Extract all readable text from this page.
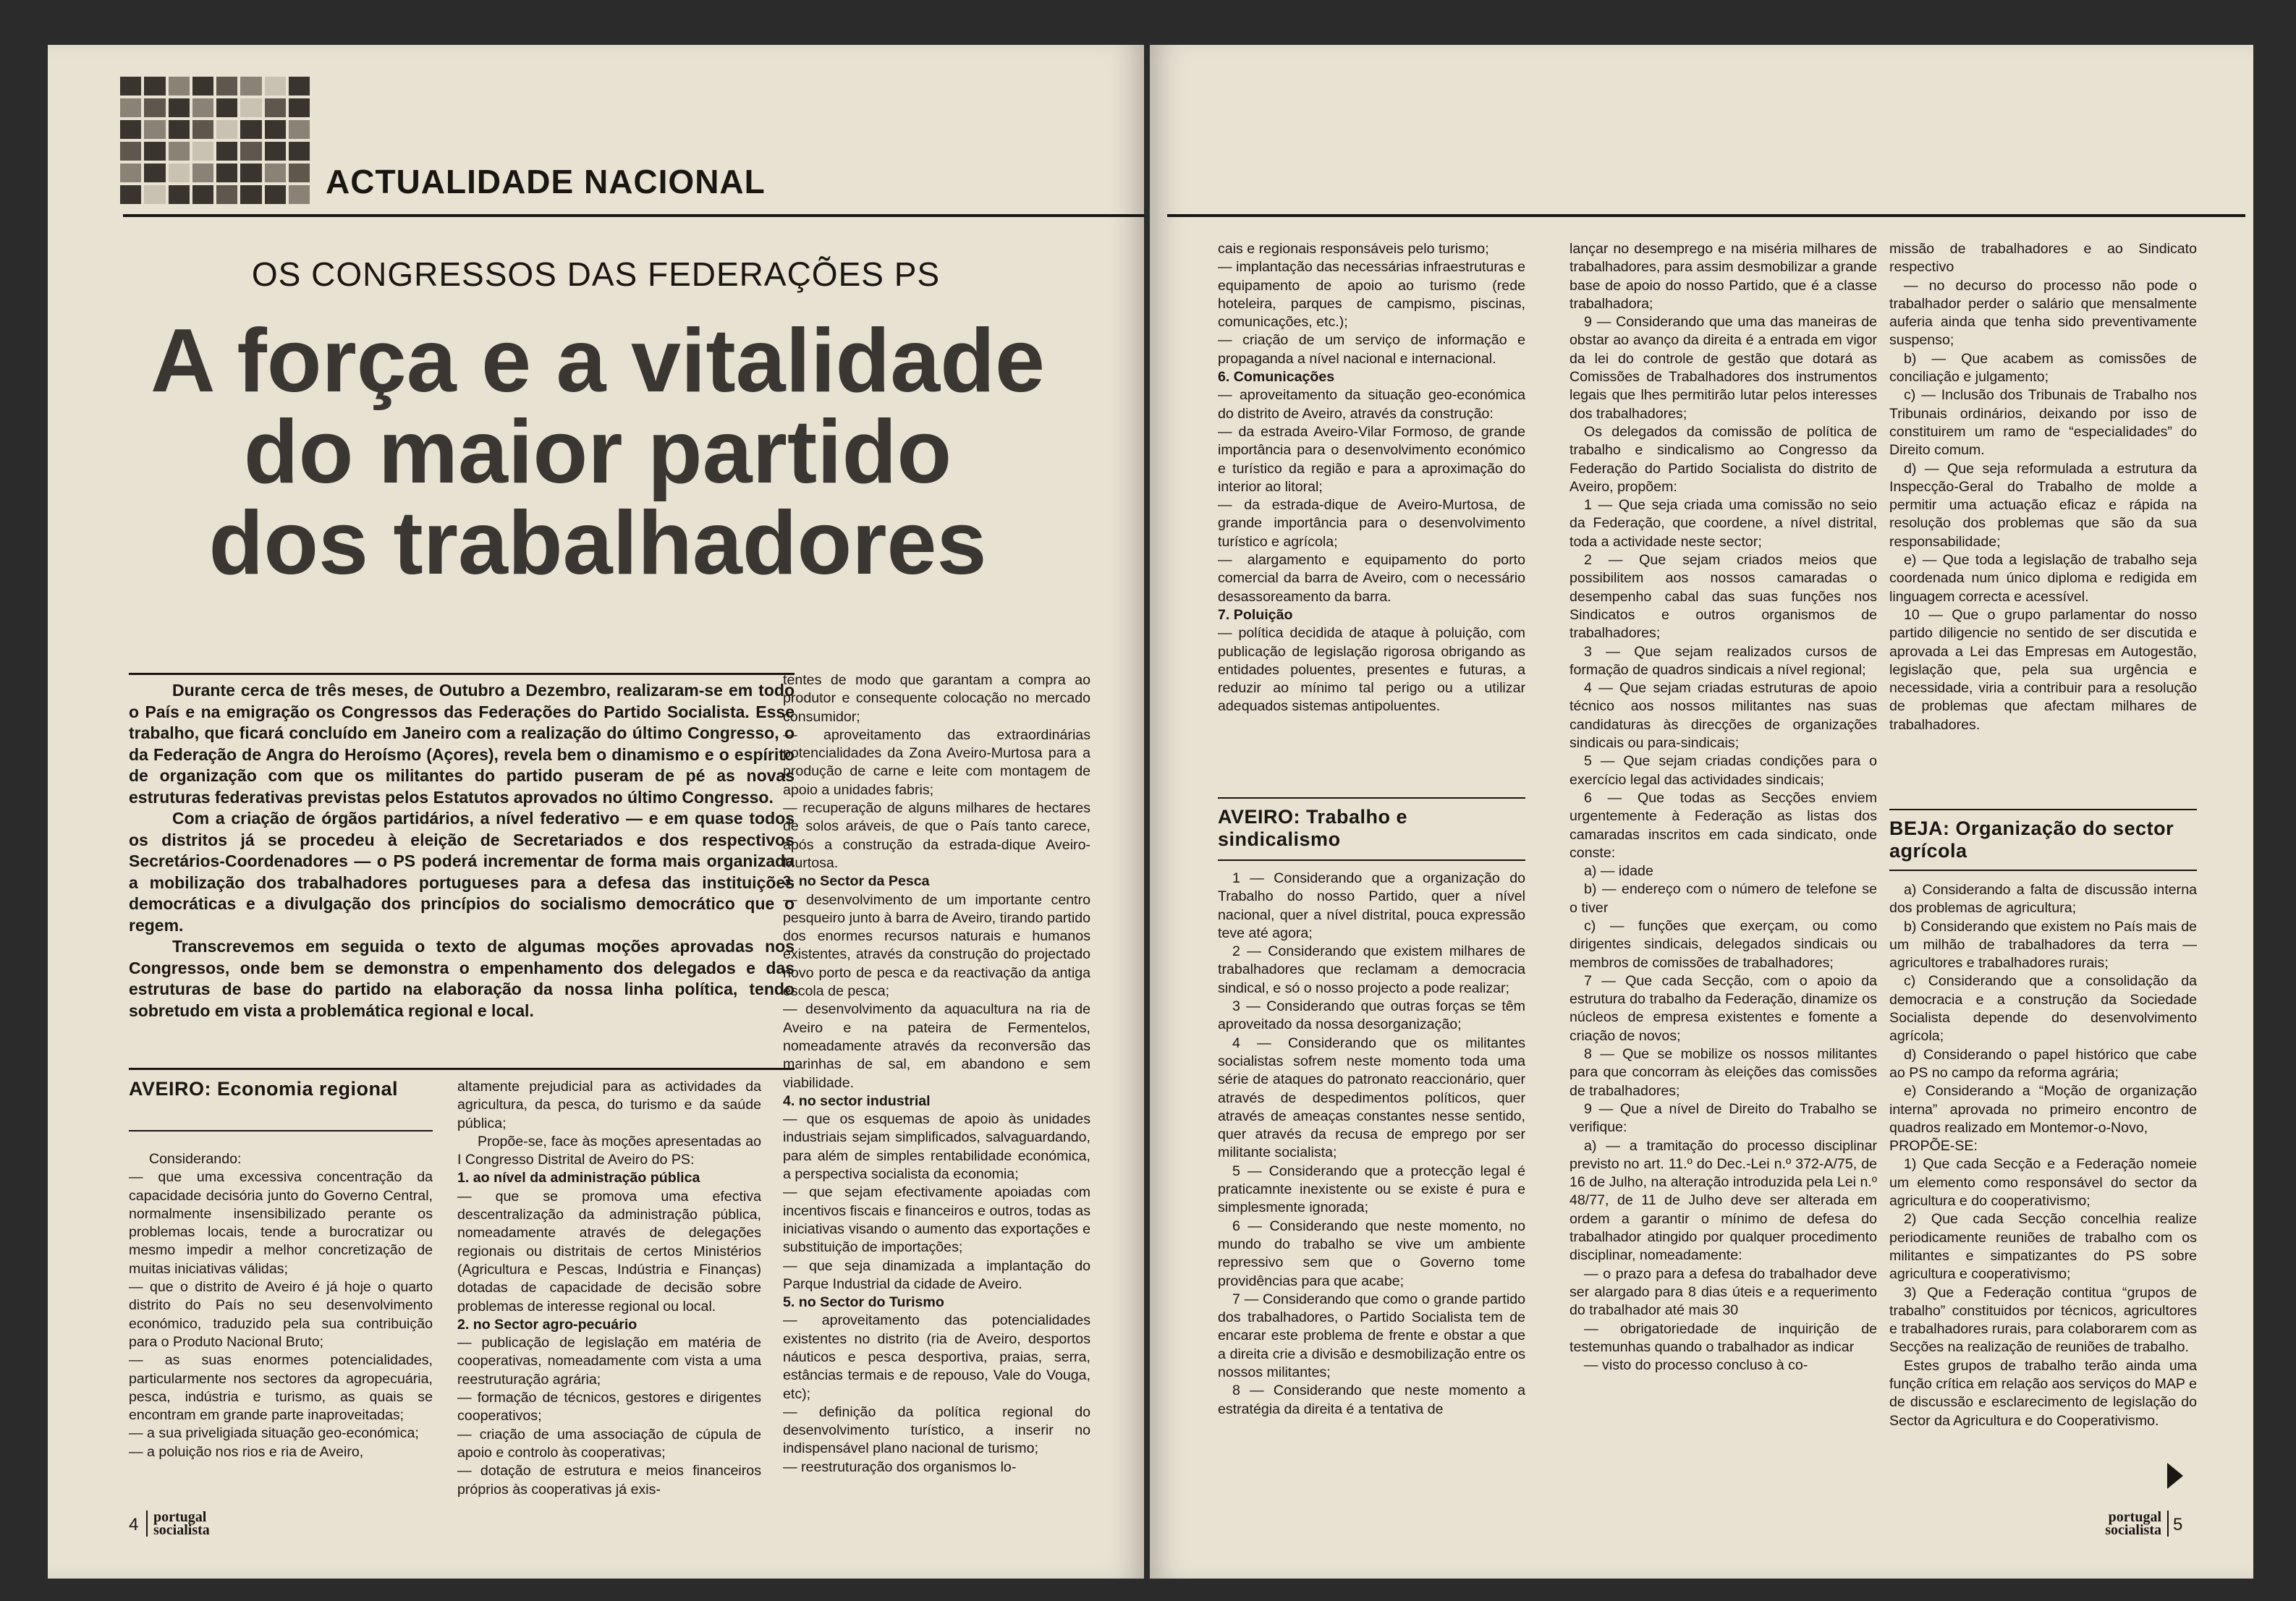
ACTUALIDADE NACIONAL
OS CONGRESSOS DAS FEDERAÇÕES PS
A força e a vitalidade
do maior partido
dos trabalhadores

Durante cerca de três meses, de Outubro a Dezembro, realizaram-se em todo o País e na emigração os Congressos das Federações do Partido Socialista. Esse trabalho, que ficará concluído em Janeiro com a realização do último Congresso, o da Federação de Angra do Heroísmo (Açores), revela bem o dinamismo e o espírito de organização com que os militantes do partido puseram de pé as novas estruturas federativas previstas pelos Estatutos aprovados no último Congresso.

Com a criação de órgãos partidários, a nível federativo — e em quase todos os distritos já se procedeu à eleição de Secretariados e dos respectivos Secretários-Coordenadores — o PS poderá incrementar de forma mais organizada a mobilização dos trabalhadores portugueses para a defesa das instituições democráticas e a divulgação dos princípios do socialismo democrático que o regem.

Transcrevemos em seguida o texto de algumas moções aprovadas nos Congressos, onde bem se demonstra o empenhamento dos delegados e das estruturas de base do partido na elaboração da nossa linha política, tendo sobretudo em vista a problemática regional e local.

AVEIRO: Economia regional

Considerando:

— que uma excessiva concentração da capacidade decisória junto do Governo Central, normalmente insensibilizado perante os problemas locais, tende a burocratizar ou mesmo impedir a melhor concretização de muitas iniciativas válidas;

— que o distrito de Aveiro é já hoje o quarto distrito do País no seu desenvolvimento económico, traduzido pela sua contribuição para o Produto Nacional Bruto;

— as suas enormes potencialidades, particularmente nos sectores da agropecuária, pesca, indústria e turismo, as quais se encontram em grande parte inaproveitadas;

— a sua priveligiada situação geo-económica;

— a poluição nos rios e ria de Aveiro,

altamente prejudicial para as actividades da agricultura, da pesca, do turismo e da saúde pública;

Propõe-se, face às moções apresentadas ao I Congresso Distrital de Aveiro do PS:

1. ao nível da administração pública

— que se promova uma efectiva descentralização da administração pública, nomeadamente através de delegações regionais ou distritais de certos Ministérios (Agricultura e Pescas, Indústria e Finanças) dotadas de capacidade de decisão sobre problemas de interesse regional ou local.

2. no Sector agro-pecuário

— publicação de legislação em matéria de cooperativas, nomeadamente com vista a uma reestruturação agrária;

— formação de técnicos, gestores e dirigentes cooperativos;

— criação de uma associação de cúpula de apoio e controlo às cooperativas;

— dotação de estrutura e meios financeiros próprios às cooperativas já exis-

tentes de modo que garantam a compra ao produtor e consequente colocação no mercado consumidor;

— aproveitamento das extraordinárias potencialidades da Zona Aveiro-Murtosa para a produção de carne e leite com montagem de apoio a unidades fabris;

— recuperação de alguns milhares de hectares de solos aráveis, de que o País tanto carece, após a construção da estrada-dique Aveiro-Murtosa.

3. no Sector da Pesca

— desenvolvimento de um importante centro pesqueiro junto à barra de Aveiro, tirando partido dos enormes recursos naturais e humanos existentes, através da construção do projectado novo porto de pesca e da reactivação da antiga escola de pesca;

— desenvolvimento da aquacultura na ria de Aveiro e na pateira de Fermentelos, nomeadamente através da reconversão das marinhas de sal, em abandono e sem viabilidade.

4. no sector industrial

— que os esquemas de apoio às unidades industriais sejam simplificados, salvaguardando, para além de simples rentabilidade económica, a perspectiva socialista da economia;

— que sejam efectivamente apoiadas com incentivos fiscais e financeiros e outros, todas as iniciativas visando o aumento das exportações e substituição de importações;

— que seja dinamizada a implantação do Parque Industrial da cidade de Aveiro.

5. no Sector do Turismo

— aproveitamento das potencialidades existentes no distrito (ria de Aveiro, desportos náuticos e pesca desportiva, praias, serra, estâncias termais e de repouso, Vale do Vouga, etc);

— definição da política regional do desenvolvimento turístico, a inserir no indispensável plano nacional de turismo;

— reestruturação dos organismos lo-

4 portugal
socialista

cais e regionais responsáveis pelo turismo;

— implantação das necessárias infraestruturas e equipamento de apoio ao turismo (rede hoteleira, parques de campismo, piscinas, comunicações, etc.);

— criação de um serviço de informação e propaganda a nível nacional e internacional.

6. Comunicações

— aproveitamento da situação geo-económica do distrito de Aveiro, através da construção:

— da estrada Aveiro-Vilar Formoso, de grande importância para o desenvolvimento económico e turístico da região e para a aproximação do interior ao litoral;

— da estrada-dique de Aveiro-Murtosa, de grande importância para o desenvolvimento turístico e agrícola;

— alargamento e equipamento do porto comercial da barra de Aveiro, com o necessário desassoreamento da barra.

7. Poluição

— política decidida de ataque à poluição, com publicação de legislação rigorosa obrigando as entidades poluentes, presentes e futuras, a reduzir ao mínimo tal perigo ou a utilizar adequados sistemas antipoluentes.

AVEIRO: Trabalho e sindicalismo

1 — Considerando que a organização do Trabalho do nosso Partido, quer a nível nacional, quer a nível distrital, pouca expressão teve até agora;

2 — Considerando que existem milhares de trabalhadores que reclamam a democracia sindical, e só o nosso projecto a pode realizar;

3 — Considerando que outras forças se têm aproveitado da nossa desorganização;

4 — Considerando que os militantes socialistas sofrem neste momento toda uma série de ataques do patronato reaccionário, quer através de despedimentos políticos, quer através de ameaças constantes nesse sentido, quer através da recusa de emprego por ser militante socialista;

5 — Considerando que a protecção legal é praticamnte inexistente ou se existe é pura e simplesmente ignorada;

6 — Considerando que neste momento, no mundo do trabalho se vive um ambiente repressivo sem que o Governo tome providências para que acabe;

7 — Considerando que como o grande partido dos trabalhadores, o Partido Socialista tem de encarar este problema de frente e obstar a que a direita crie a divisão e desmobilização entre os nossos militantes;

8 — Considerando que neste momento a estratégia da direita é a tentativa de

lançar no desemprego e na miséria milhares de trabalhadores, para assim desmobilizar a grande base de apoio do nosso Partido, que é a classe trabalhadora;

9 — Considerando que uma das maneiras de obstar ao avanço da direita é a entrada em vigor da lei do controle de gestão que dotará as Comissões de Trabalhadores dos instrumentos legais que lhes permitirão lutar pelos interesses dos trabalhadores;

Os delegados da comissão de política de trabalho e sindicalismo ao Congresso da Federação do Partido Socialista do distrito de Aveiro, propõem:

1 — Que seja criada uma comissão no seio da Federação, que coordene, a nível distrital, toda a actividade neste sector;

2 — Que sejam criados meios que possibilitem aos nossos camaradas o desempenho cabal das suas funções nos Sindicatos e outros organismos de trabalhadores;

3 — Que sejam realizados cursos de formação de quadros sindicais a nível regional;

4 — Que sejam criadas estruturas de apoio técnico aos nossos militantes nas suas candidaturas às direcções de organizações sindicais ou para-sindicais;

5 — Que sejam criadas condições para o exercício legal das actividades sindicais;

6 — Que todas as Secções enviem urgentemente à Federação as listas dos camaradas inscritos em cada sindicato, onde conste:

a) — idade

b) — endereço com o número de telefone se o tiver

c) — funções que exerçam, ou como dirigentes sindicais, delegados sindicais ou membros de comissões de trabalhadores;

7 — Que cada Secção, com o apoio da estrutura do trabalho da Federação, dinamize os núcleos de empresa existentes e fomente a criação de novos;

8 — Que se mobilize os nossos militantes para que concorram às eleições das comissões de trabalhadores;

9 — Que a nível de Direito do Trabalho se verifique:

a) — a tramitação do processo disciplinar previsto no art. 11.º do Dec.-Lei n.º 372-A/75, de 16 de Julho, na alteração introduzida pela Lei n.º 48/77, de 11 de Julho deve ser alterada em ordem a garantir o mínimo de defesa do trabalhador atingido por qualquer procedimento disciplinar, nomeadamente:

— o prazo para a defesa do trabalhador deve ser alargado para 8 dias úteis e a requerimento do trabalhador até mais 30

— obrigatoriedade de inquirição de testemunhas quando o trabalhador as indicar

— visto do processo concluso à co-

missão de trabalhadores e ao Sindicato respectivo

— no decurso do processo não pode o trabalhador perder o salário que mensalmente auferia ainda que tenha sido preventivamente suspenso;

b) — Que acabem as comissões de conciliação e julgamento;

c) — Inclusão dos Tribunais de Trabalho nos Tribunais ordinários, deixando por isso de constituirem um ramo de “especialidades” do Direito comum.

d) — Que seja reformulada a estrutura da Inspecção-Geral do Trabalho de molde a permitir uma actuação eficaz e rápida na resolução dos problemas que são da sua responsabilidade;

e) — Que toda a legislação de trabalho seja coordenada num único diploma e redigida em linguagem correcta e acessível.

10 — Que o grupo parlamentar do nosso partido diligencie no sentido de ser discutida e aprovada a Lei das Empresas em Autogestão, legislação que, pela sua urgência e necessidade, viria a contribuir para a resolução de problemas que afectam milhares de trabalhadores.

BEJA: Organização do sector agrícola

a) Considerando a falta de discussão interna dos problemas de agricultura;

b) Considerando que existem no País mais de um milhão de trabalhadores da terra — agricultores e trabalhadores rurais;

c) Considerando que a consolidação da democracia e a construção da Sociedade Socialista depende do desenvolvimento agrícola;

d) Considerando o papel histórico que cabe ao PS no campo da reforma agrária;

e) Considerando a “Moção de organização interna” aprovada no primeiro encontro de quadros realizado em Montemor-o-Novo,

PROPÕE-SE:

1) Que cada Secção e a Federação nomeie um elemento como responsável do sector da agricultura e do cooperativismo;

2) Que cada Secção concelhia realize periodicamente reuniões de trabalho com os militantes e simpatizantes do PS sobre agricultura e cooperativismo;

3) Que a Federação contitua “grupos de trabalho” constituidos por técnicos, agricultores e trabalhadores rurais, para colaborarem com as Secções na realização de reuniões de trabalho.

Estes grupos de trabalho terão ainda uma função crítica em relação aos serviços do MAP e de discussão e esclarecimento de legislação do Sector da Agricultura e do Cooperativismo.

portugal
socialista 5
